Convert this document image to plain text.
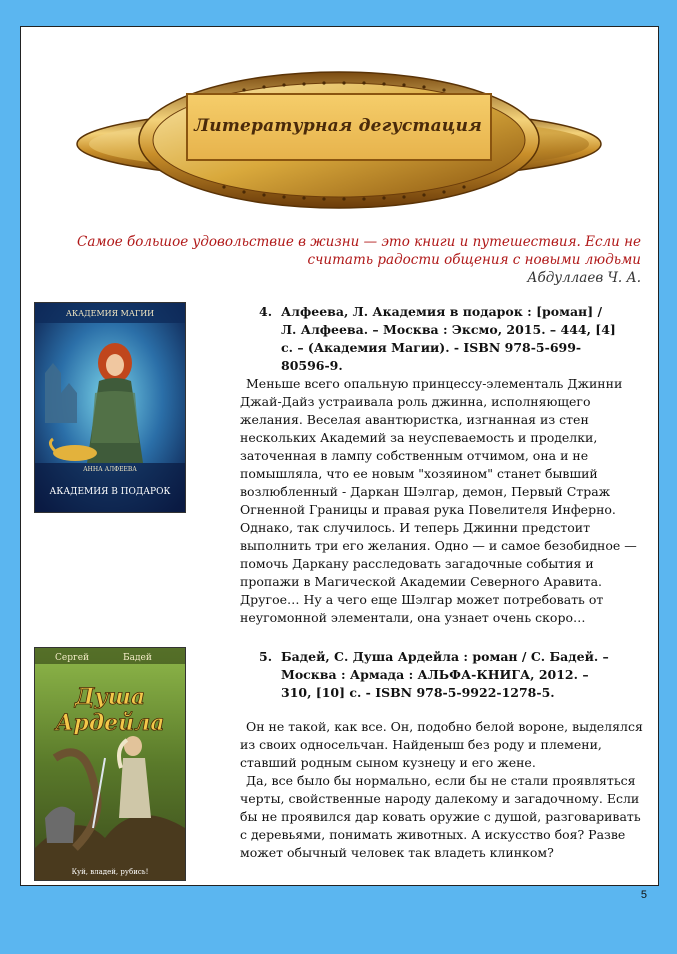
Литературная дегустация
Самое большое удовольствие в жизни — это книги и путешествия. Если не считать радости общения с новыми людьми
Абдуллаев Ч. А.
АКАДЕМИЯ МАГИИ
АННА АЛФЕЕВА
АКАДЕМИЯ В ПОДАРОК
4. Алфеева, Л. Академия в подарок : [роман] / Л. Алфеева. – Москва : Эксмо, 2015. – 444, [4] с. – (Академия Магии). - ISBN 978-5-699-80596-9.

Меньше всего опальную принцессу-элементаль Джинни Джай-Дайз устраивала роль джинна, исполняющего желания. Веселая авантюристка, изгнанная из стен нескольких Академий за неуспеваемость и проделки, заточенная в лампу собственным отчимом, она и не помышляла, что ее новым "хозяином" станет бывший возлюбленный - Даркан Шэлгар, демон, Первый Страж Огненной Границы и правая рука Повелителя Инферно. Однако, так случилось. И теперь Джинни предстоит выполнить три его желания. Одно — и самое безобидное — помочь Даркану расследовать загадочные события и пропажи в Магической Академии Северного Аравита. Другое… Ну а чего еще Шэлгар может потребовать от неугомонной элементали, она узнает очень скоро…

Сергей	Бадей
Душа
Ардейла
Куй, владей, рубись!
5. Бадей, С. Душа Ардейла : роман / С. Бадей. – Москва : Армада : АЛЬФА-КНИГА, 2012. – 310, [10] с. - ISBN 978-5-9922-1278-5.

Он не такой, как все. Он, подобно белой вороне, выделялся из своих односельчан. Найденыш без роду и племени, ставший родным сыном кузнецу и его жене.

Да, все было бы нормально, если бы не стали проявляться черты, свойственные народу далекому и загадочному. Если бы не проявился дар ковать оружие с душой, разговаривать с деревьями, понимать животных. А искусство боя? Разве может обычный человек так владеть клинком?

5
